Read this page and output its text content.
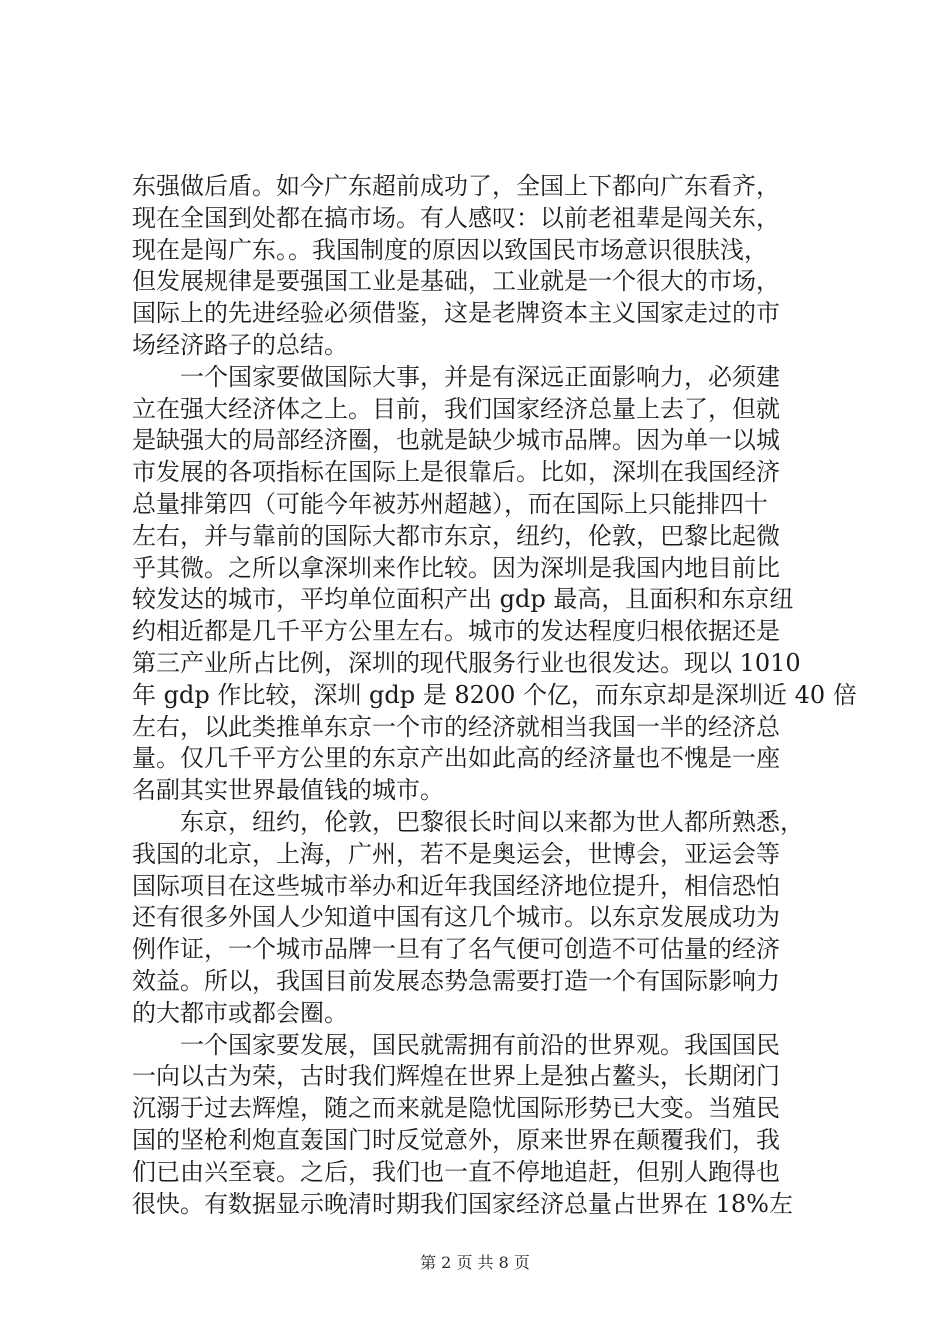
东强做后盾。如今广东超前成功了，全国上下都向广东看齐，
现在全国到处都在搞市场。有人感叹：以前老祖辈是闯关东，
现在是闯广东。。我国制度的原因以致国民市场意识很肤浅，
但发展规律是要强国工业是基础，工业就是一个很大的市场，
国际上的先进经验必须借鉴，这是老牌资本主义国家走过的市
场经济路子的总结。
一个国家要做国际大事，并是有深远正面影响力，必须建
立在强大经济体之上。目前，我们国家经济总量上去了，但就
是缺强大的局部经济圈，也就是缺少城市品牌。因为单一以城
市发展的各项指标在国际上是很靠后。比如，深圳在我国经济
总量排第四（可能今年被苏州超越），而在国际上只能排四十
左右，并与靠前的国际大都市东京，纽约，伦敦，巴黎比起微
乎其微。之所以拿深圳来作比较。因为深圳是我国内地目前比
较发达的城市，平均单位面积产出 gdp 最高，且面积和东京纽
约相近都是几千平方公里左右。城市的发达程度归根依据还是
第三产业所占比例，深圳的现代服务行业也很发达。现以 1010
年 gdp 作比较，深圳 gdp 是 8200 个亿，而东京却是深圳近 40 倍
左右，以此类推单东京一个市的经济就相当我国一半的经济总
量。仅几千平方公里的东京产出如此高的经济量也不愧是一座
名副其实世界最值钱的城市。
东京，纽约，伦敦，巴黎很长时间以来都为世人都所熟悉，
我国的北京，上海，广州，若不是奥运会，世博会，亚运会等
国际项目在这些城市举办和近年我国经济地位提升，相信恐怕
还有很多外国人少知道中国有这几个城市。以东京发展成功为
例作证，一个城市品牌一旦有了名气便可创造不可估量的经济
效益。所以，我国目前发展态势急需要打造一个有国际影响力
的大都市或都会圈。
一个国家要发展，国民就需拥有前沿的世界观。我国国民
一向以古为荣，古时我们辉煌在世界上是独占鳌头，长期闭门
沉溺于过去辉煌，随之而来就是隐忧国际形势已大变。当殖民
国的坚枪利炮直轰国门时反觉意外，原来世界在颠覆我们，我
们已由兴至衰。之后，我们也一直不停地追赶，但别人跑得也
很快。有数据显示晚清时期我们国家经济总量占世界在 18%左
第 2 页 共 8 页
